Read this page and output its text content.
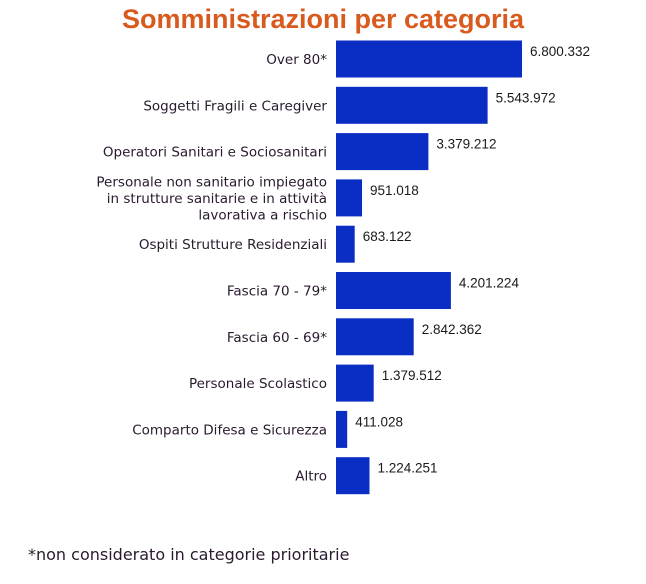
Somministrazioni per categoria
6.800.332
Over 80*
5.543.972
Soggetti Fragili e Caregiver
3.379.212
Operatori Sanitari e Sociosanitari
951.018
Personale non sanitario impiegato in strutture sanitarie e in attività lavorativa a rischio
683.122
Ospiti Strutture Residenziali
4.201.224
Fascia 70 - 79*
2.842.362
Fascia 60 - 69*
1.379.512
Personale Scolastico
411.028
Comparto Difesa e Sicurezza
1.224.251
Altro
*non considerato in categorie prioritarie
